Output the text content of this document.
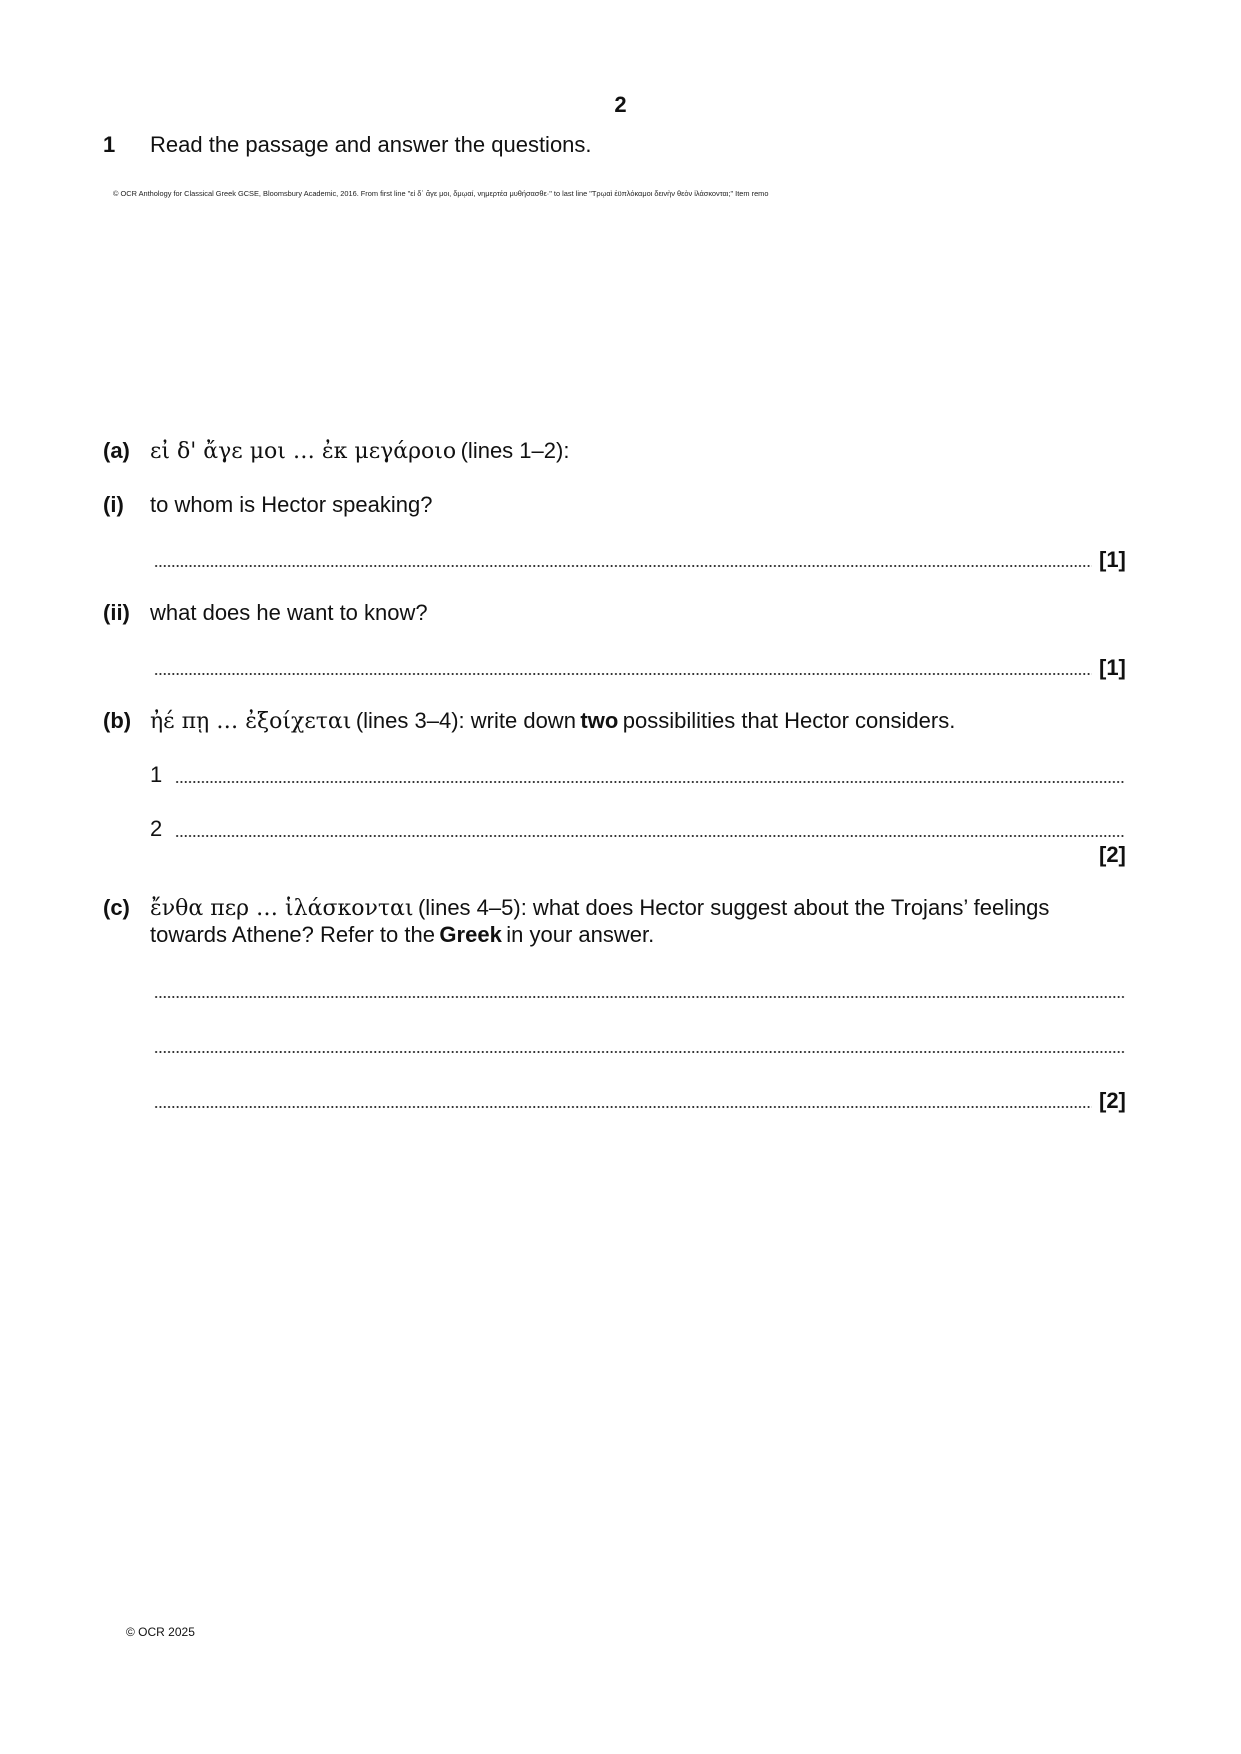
2
1 Read the passage and answer the questions.
© OCR Anthology for Classical Greek GCSE, Bloomsbury Academic, 2016. From first line "εἰ δ᾽ ἄγε μοι, δμῳαί, νημερτέα μυθήσασθε·" to last line "Τρῳαὶ ἐϋπλόκαμοι δεινὴν θεὸν ἱλάσκονται;" Item remo
(a) εἰ δ' ἄγε μοι … ἐκ μεγάροιο (lines 1–2):
(i) to whom is Hector speaking?
[1]
(ii) what does he want to know?
[1]
(b) ἠέ πῃ … ἐξοίχεται (lines 3–4): write down two possibilities that Hector considers.
1
2
[2]
(c) ἔνθα περ … ἱλάσκονται (lines 4–5): what does Hector suggest about the Trojans’ feelings
towards Athene? Refer to the Greek in your answer.
[2]
© OCR 2025
